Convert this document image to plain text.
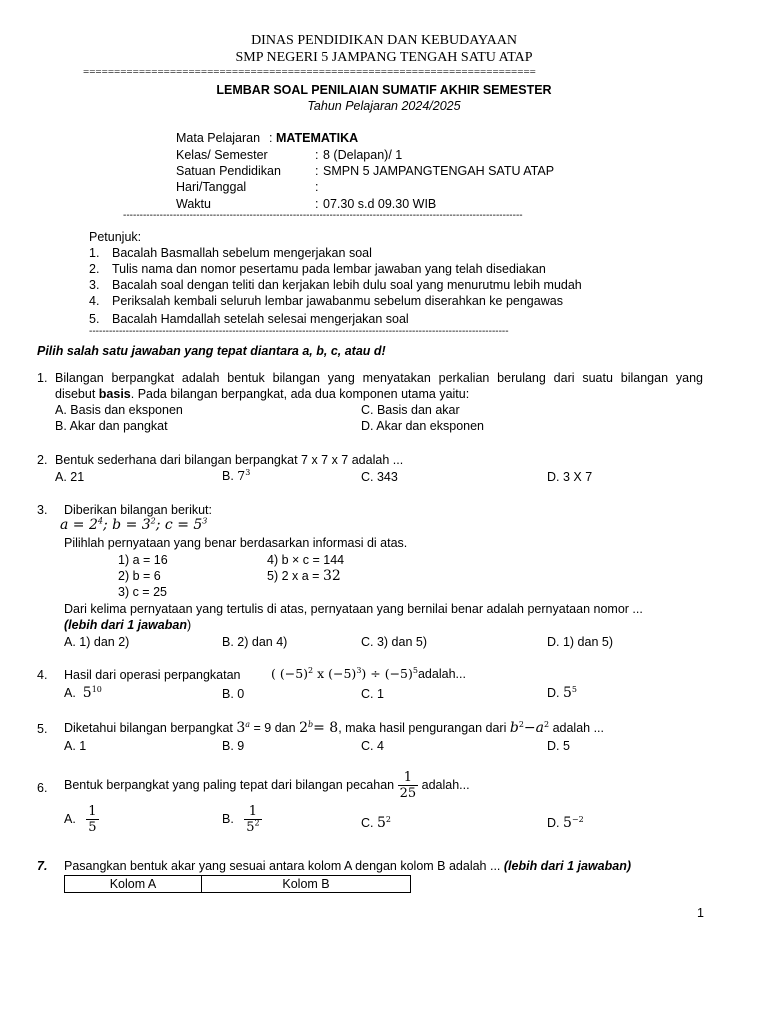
DINAS PENDIDIKAN DAN KEBUDAYAAN
SMP NEGERI 5 JAMPANG TENGAH SATU ATAP
=========================================================================
LEMBAR SOAL PENILAIAN SUMATIF AKHIR SEMESTER
Tahun Pelajaran 2024/2025
Mata Pelajaran : MATEMATIKA
Kelas/ Semester	: 8 (Delapan)/ 1
Satuan Pendidikan	: SMPN 5 JAMPANGTENGAH SATU ATAP
Hari/Tanggal	:
Waktu	: 07.30 s.d 09.30 WIB
------------------------------------------------------------------------------------------------------------------------
Petunjuk:
1. Bacalah Basmallah sebelum mengerjakan soal
2. Tulis nama dan nomor pesertamu pada lembar jawaban yang telah disediakan
3. Bacalah soal dengan teliti dan kerjakan lebih dulu soal yang menurutmu lebih mudah
4. Periksalah kembali seluruh lembar jawabanmu sebelum diserahkan ke pengawas
5. Bacalah Hamdallah setelah selesai mengerjakan soal
------------------------------------------------------------------------------------------------------------------------------
Pilih salah satu jawaban yang tepat diantara a, b, c, atau d!
1. Bilangan berpangkat adalah bentuk bilangan yang menyatakan perkalian berulang dari suatu bilangan yang
disebut basis. Pada bilangan berpangkat, ada dua komponen utama yaitu:
A. Basis dan eksponen	C. Basis dan akar
B. Akar dan pangkat	D. Akar dan eksponen
2. Bentuk sederhana dari bilangan berpangkat 7 x 7 x 7 adalah ...
A. 21	B. $7^3$	C. 343	D. 3 X 7
3. Diberikan bilangan berikut:
$a = 2^4$; $b = 3^2$; $c = 5^3$
Pilihlah pernyataan yang benar berdasarkan informasi di atas.
1) a = 16	4) b × c = 144
2) b = 6	5) 2 x a = 32
3) c = 25
Dari kelima pernyataan yang tertulis di atas, pernyataan yang bernilai benar adalah pernyataan nomor ...
(lebih dari 1 jawaban)
A. 1) dan 2)	B. 2) dan 4)	C. 3) dan 5)	D. 1) dan 5)
4. Hasil dari operasi perpangkatan ( $(-5)^2$ x $(-5)^3$) ÷ $(-5)^5adalah$...
A. $5^{10}$	B. 0	C. 1	D. $5^5$
5. Diketahui bilangan berpangkat $3^a = 9$ dan $2^b= 8$, maka hasil pengurangan dari $b^2-a^2$ adalah ...
A. 1	B. 9	C. 4	D. 5
6. Bentuk berpangkat yang paling tepat dari bilangan pecahan $\frac{1}{25}$ adalah...
A. $\frac{1}{5}$	B. $\frac{1}{5^2}$	C. $5^2$	D. $5^{-2}$
7. Pasangkan bentuk akar yang sesuai antara kolom A dengan kolom B adalah ... (lebih dari 1 jawaban)
Kolom A	Kolom B
1
